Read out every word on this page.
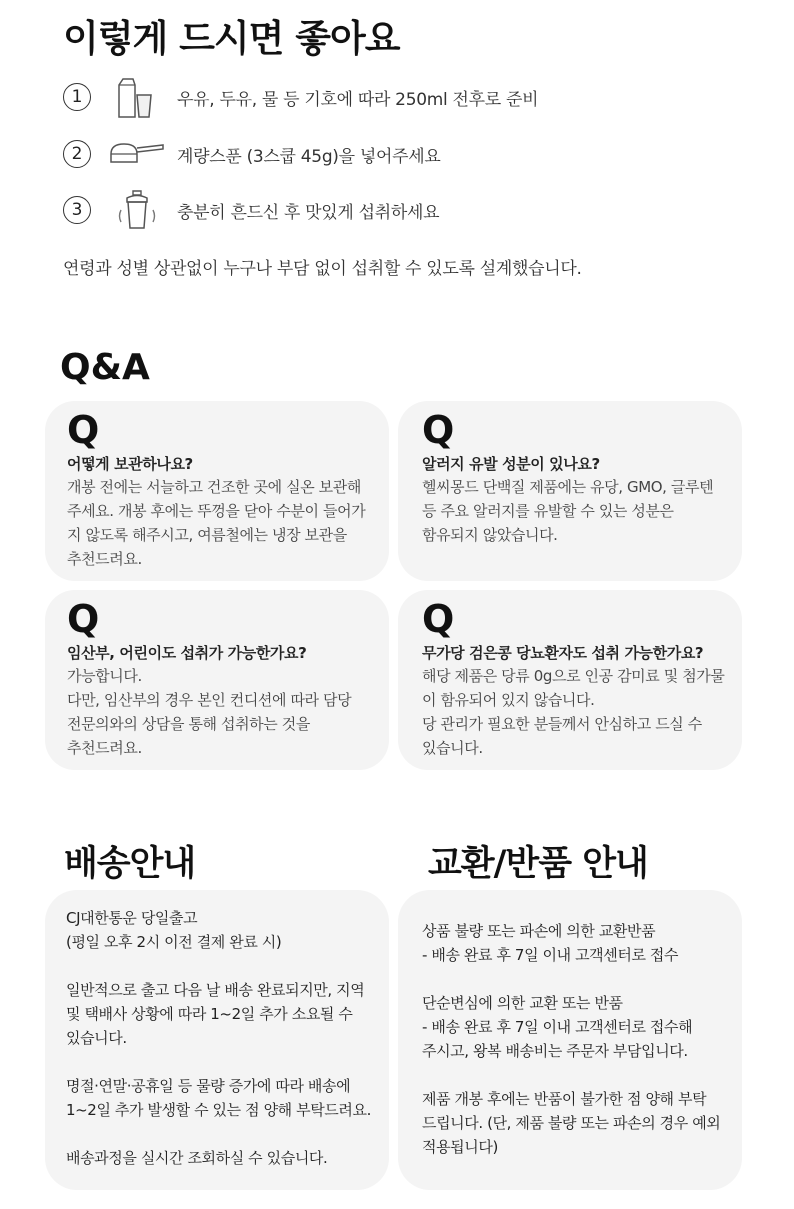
이렇게 드시면 좋아요
1	우유, 두유, 물 등 기호에 따라 250ml 전후로 준비
2	계량스푼 (3스쿱 45g)을 넣어주세요
3	충분히 흔드신 후 맛있게 섭취하세요

연령과 성별 상관없이 누구나 부담 없이 섭취할 수 있도록 설계했습니다.

Q&A
Q
어떻게 보관하나요?
개봉 전에는 서늘하고 건조한 곳에 실온 보관해
주세요. 개봉 후에는 뚜껑을 닫아 수분이 들어가
지 않도록 해주시고, 여름철에는 냉장 보관을
추천드려요.
Q
알러지 유발 성분이 있나요?
헬씨몽드 단백질 제품에는 유당, GMO, 글루텐
등 주요 알러지를 유발할 수 있는 성분은
함유되지 않았습니다.
Q
임산부, 어린이도 섭취가 가능한가요?
가능합니다.
다만, 임산부의 경우 본인 컨디션에 따라 담당
전문의와의 상담을 통해 섭취하는 것을
추천드려요.
Q
무가당 검은콩 당뇨환자도 섭취 가능한가요?
해당 제품은 당류 0g으로 인공 감미료 및 첨가물
이 함유되어 있지 않습니다.
당 관리가 필요한 분들께서 안심하고 드실 수
있습니다.
배송안내
CJ대한통운 당일출고
(평일 오후 2시 이전 결제 완료 시)
일반적으로 출고 다음 날 배송 완료되지만, 지역
및 택배사 상황에 따라 1~2일 추가 소요될 수
있습니다.
명절·연말·공휴일 등 물량 증가에 따라 배송에
1~2일 추가 발생할 수 있는 점 양해 부탁드려요.
배송과정을 실시간 조회하실 수 있습니다.
교환/반품 안내
상품 불량 또는 파손에 의한 교환반품
- 배송 완료 후 7일 이내 고객센터로 접수
단순변심에 의한 교환 또는 반품
- 배송 완료 후 7일 이내 고객센터로 접수해
주시고, 왕복 배송비는 주문자 부담입니다.
제품 개봉 후에는 반품이 불가한 점 양해 부탁
드립니다. (단, 제품 불량 또는 파손의 경우 예외
적용됩니다)
